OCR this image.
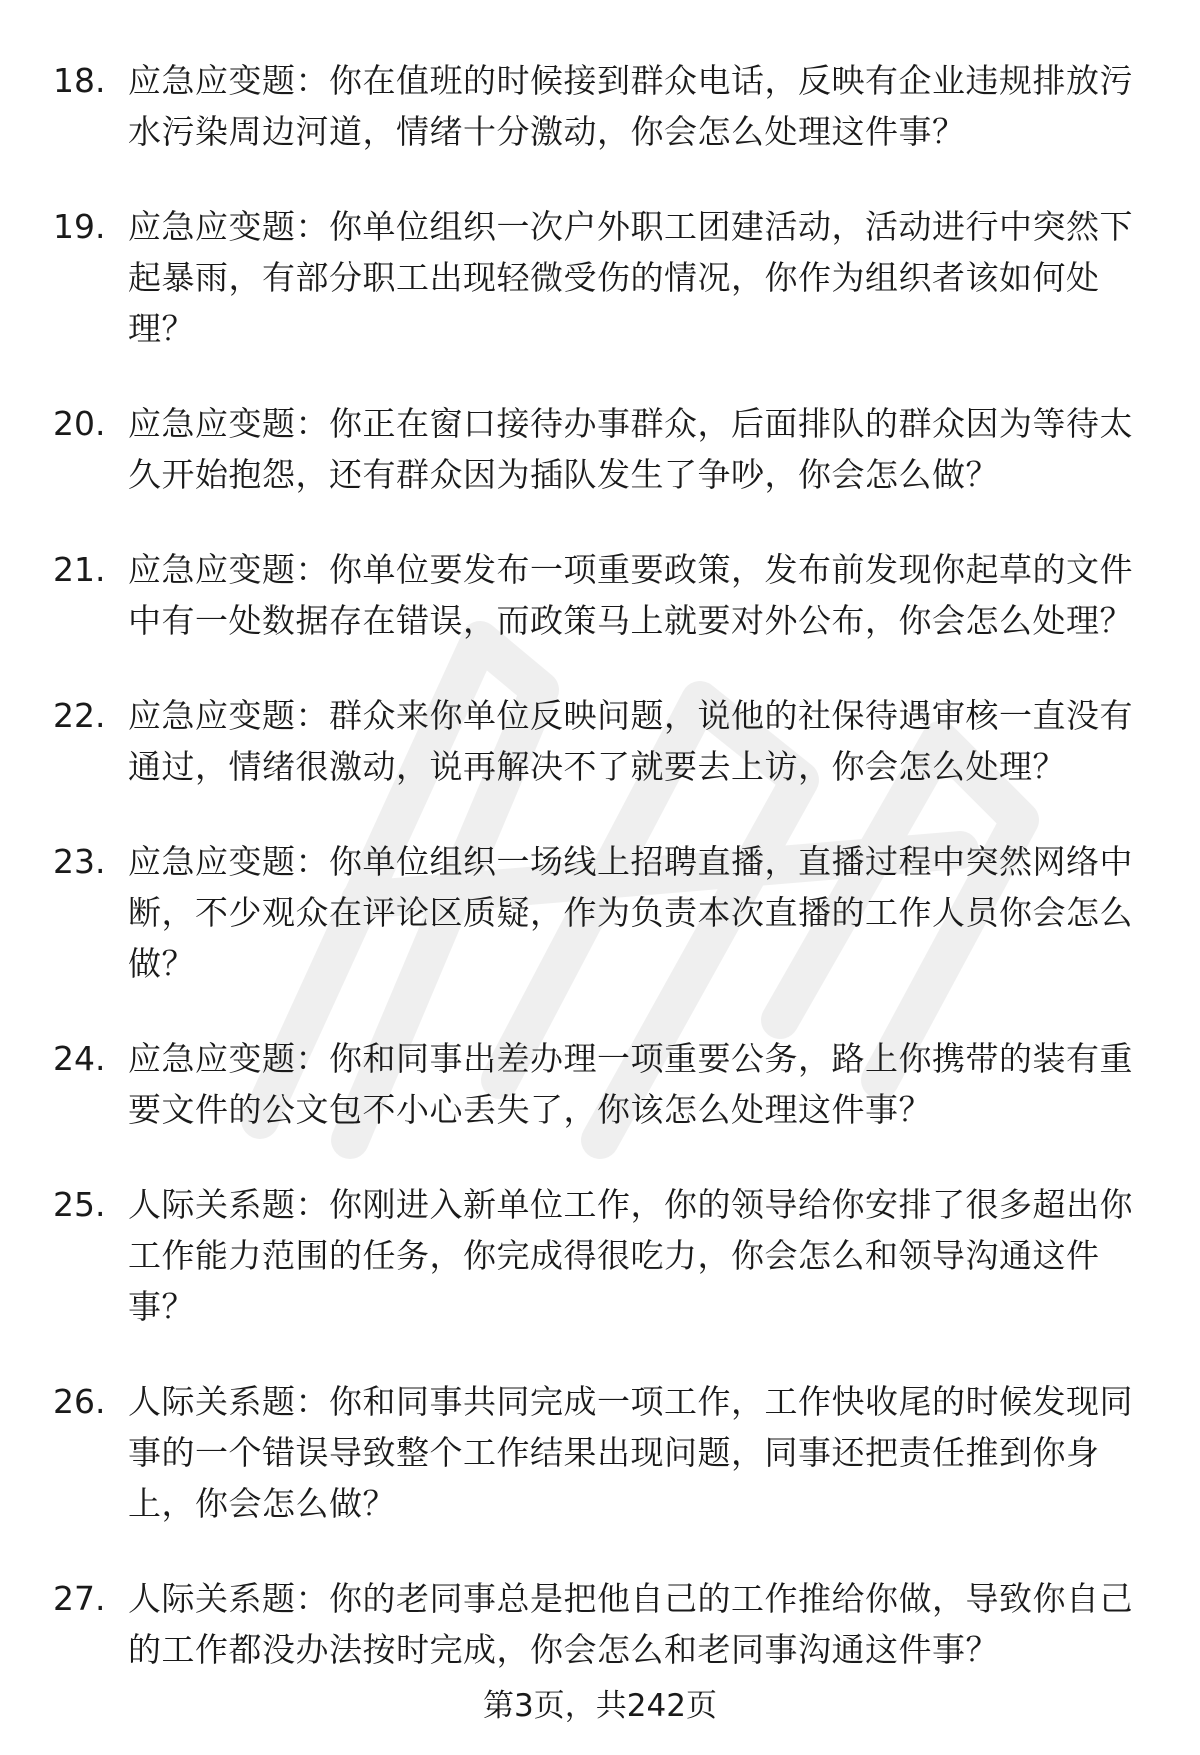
18. 应急应变题：你在值班的时候接到群众电话，反映有企业违规排放污水污染周边河道，情绪十分激动，你会怎么处理这件事？
19. 应急应变题：你单位组织一次户外职工团建活动，活动进行中突然下起暴雨，有部分职工出现轻微受伤的情况，你作为组织者该如何处理？
20. 应急应变题：你正在窗口接待办事群众，后面排队的群众因为等待太久开始抱怨，还有群众因为插队发生了争吵，你会怎么做？
21. 应急应变题：你单位要发布一项重要政策，发布前发现你起草的文件中有一处数据存在错误，而政策马上就要对外公布，你会怎么处理？
22. 应急应变题：群众来你单位反映问题，说他的社保待遇审核一直没有通过，情绪很激动，说再解决不了就要去上访，你会怎么处理？
23. 应急应变题：你单位组织一场线上招聘直播，直播过程中突然网络中断，不少观众在评论区质疑，作为负责本次直播的工作人员你会怎么做？
24. 应急应变题：你和同事出差办理一项重要公务，路上你携带的装有重要文件的公文包不小心丢失了，你该怎么处理这件事？
25. 人际关系题：你刚进入新单位工作，你的领导给你安排了很多超出你工作能力范围的任务，你完成得很吃力，你会怎么和领导沟通这件事？
26. 人际关系题：你和同事共同完成一项工作，工作快收尾的时候发现同事的一个错误导致整个工作结果出现问题，同事还把责任推到你身上，你会怎么做？
27. 人际关系题：你的老同事总是把他自己的工作推给你做，导致你自己的工作都没办法按时完成，你会怎么和老同事沟通这件事？
第3页，共242页
